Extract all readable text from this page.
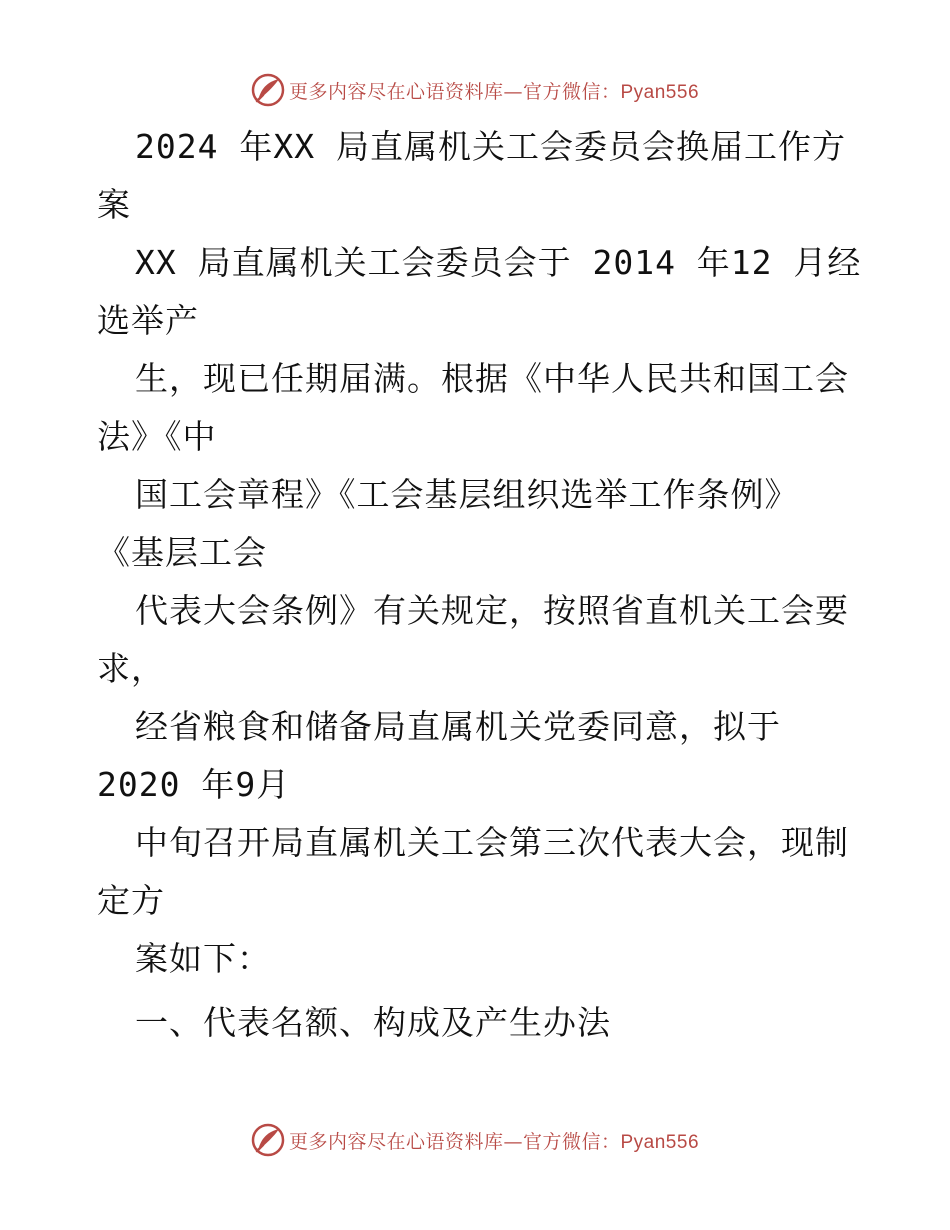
更多内容尽在心语资料库—官方微信：Pyan556
2024 年XX 局直属机关工会委员会换届工作方
案
XX 局直属机关工会委员会于 2014 年12 月经
选举产
生，现已任期届满。根据《中华人民共和国工会
法》《中
国工会章程》《工会基层组织选举工作条例》
《基层工会
代表大会条例》有关规定，按照省直机关工会要
求，
经省粮食和储备局直属机关党委同意，拟于
2020 年9月
中旬召开局直属机关工会第三次代表大会，现制
定方
案如下：
一、代表名额、构成及产生办法
更多内容尽在心语资料库—官方微信：Pyan556
